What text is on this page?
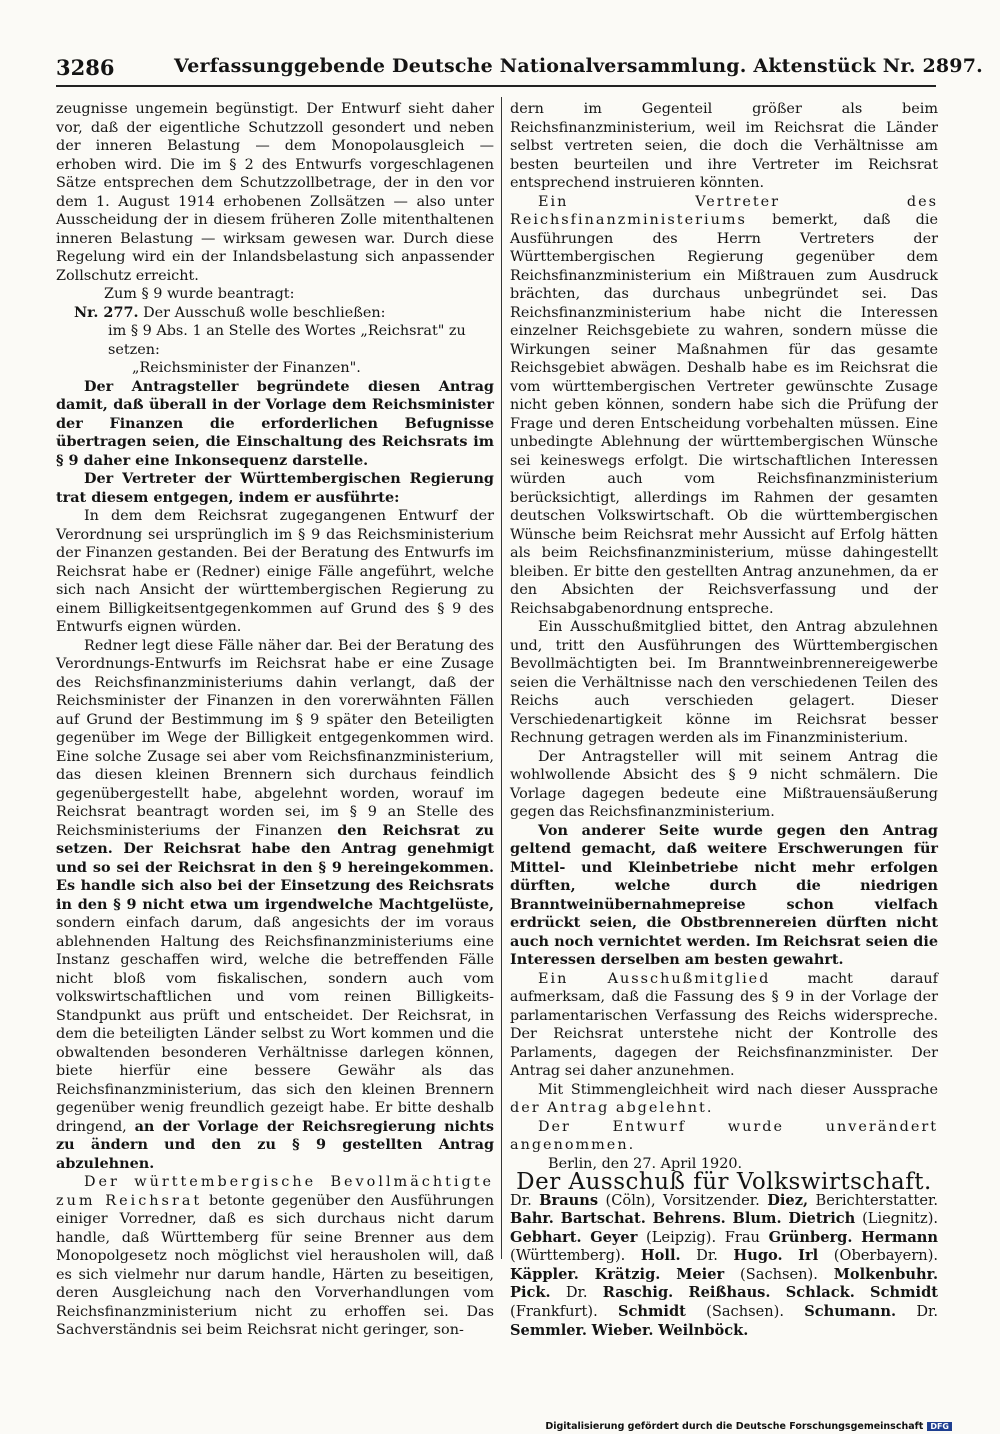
3286	Verfassunggebende Deutsche Nationalversammlung. Aktenstück Nr. 2897.

zeugnisse ungemein begünstigt. Der Entwurf sieht daher vor, daß der eigentliche Schutzzoll gesondert und neben der inneren Belastung — dem Monopolausgleich — erhoben wird. Die im § 2 des Entwurfs vorgeschlagenen Sätze entsprechen dem Schutzzollbetrage, der in den vor dem 1. August 1914 erhobenen Zollsätzen — also unter Ausscheidung der in diesem früheren Zolle mitenthaltenen inneren Belastung — wirksam gewesen war. Durch diese Regelung wird ein der Inlandsbelastung sich anpassender Zollschutz erreicht.

Zum § 9 wurde beantragt:

Nr. 277. Der Ausschuß wolle beschließen:

im § 9 Abs. 1 an Stelle des Wortes „Reichsrat" zu setzen:

„Reichsminister der Finanzen".

Der Antragsteller begründete diesen Antrag damit, daß überall in der Vorlage dem Reichsminister der Finanzen die erforderlichen Befugnisse übertragen seien, die Einschaltung des Reichsrats im § 9 daher eine Inkonsequenz darstelle.

Der Vertreter der Württembergischen Regierung trat diesem entgegen, indem er ausführte:

In dem dem Reichsrat zugegangenen Entwurf der Verordnung sei ursprünglich im § 9 das Reichsministerium der Finanzen gestanden. Bei der Beratung des Entwurfs im Reichsrat habe er (Redner) einige Fälle angeführt, welche sich nach Ansicht der württembergischen Regierung zu einem Billigkeitsentgegenkommen auf Grund des § 9 des Entwurfs eignen würden.

Redner legt diese Fälle näher dar. Bei der Beratung des Verordnungs-Entwurfs im Reichsrat habe er eine Zusage des Reichsfinanzministeriums dahin verlangt, daß der Reichsminister der Finanzen in den vorerwähnten Fällen auf Grund der Bestimmung im § 9 später den Beteiligten gegenüber im Wege der Billigkeit entgegenkommen wird. Eine solche Zusage sei aber vom Reichsfinanzministerium, das diesen kleinen Brennern sich durchaus feindlich gegenübergestellt habe, abgelehnt worden, worauf im Reichsrat beantragt worden sei, im § 9 an Stelle des Reichsministeriums der Finanzen den Reichsrat zu setzen. Der Reichsrat habe den Antrag genehmigt und so sei der Reichsrat in den § 9 hereingekommen. Es handle sich also bei der Einsetzung des Reichsrats in den § 9 nicht etwa um irgendwelche Machtgelüste, sondern einfach darum, daß angesichts der im voraus ablehnenden Haltung des Reichsfinanzministeriums eine Instanz geschaffen wird, welche die betreffenden Fälle nicht bloß vom fiskalischen, sondern auch vom volkswirtschaftlichen und vom reinen Billigkeits-Standpunkt aus prüft und entscheidet. Der Reichsrat, in dem die beteiligten Länder selbst zu Wort kommen und die obwaltenden besonderen Verhältnisse darlegen können, biete hierfür eine bessere Gewähr als das Reichsfinanzministerium, das sich den kleinen Brennern gegenüber wenig freundlich gezeigt habe. Er bitte deshalb dringend, an der Vorlage der Reichsregierung nichts zu ändern und den zu § 9 gestellten Antrag abzulehnen.

Der württembergische Bevollmächtigte zum Reichsrat betonte gegenüber den Ausführungen einiger Vorredner, daß es sich durchaus nicht darum handle, daß Württemberg für seine Brenner aus dem Monopolgesetz noch möglichst viel herausholen will, daß es sich vielmehr nur darum handle, Härten zu beseitigen, deren Ausgleichung nach den Vorverhandlungen vom Reichsfinanzministerium nicht zu erhoffen sei. Das Sachverständnis sei beim Reichsrat nicht geringer, son-

dern im Gegenteil größer als beim Reichsfinanzministerium, weil im Reichsrat die Länder selbst vertreten seien, die doch die Verhältnisse am besten beurteilen und ihre Vertreter im Reichsrat entsprechend instruieren könnten.

Ein Vertreter des Reichsfinanzministeriums bemerkt, daß die Ausführungen des Herrn Vertreters der Württembergischen Regierung gegenüber dem Reichsfinanzministerium ein Mißtrauen zum Ausdruck brächten, das durchaus unbegründet sei. Das Reichsfinanzministerium habe nicht die Interessen einzelner Reichsgebiete zu wahren, sondern müsse die Wirkungen seiner Maßnahmen für das gesamte Reichsgebiet abwägen. Deshalb habe es im Reichsrat die vom württembergischen Vertreter gewünschte Zusage nicht geben können, sondern habe sich die Prüfung der Frage und deren Entscheidung vorbehalten müssen. Eine unbedingte Ablehnung der württembergischen Wünsche sei keineswegs erfolgt. Die wirtschaftlichen Interessen würden auch vom Reichsfinanzministerium berücksichtigt, allerdings im Rahmen der gesamten deutschen Volkswirtschaft. Ob die württembergischen Wünsche beim Reichsrat mehr Aussicht auf Erfolg hätten als beim Reichsfinanzministerium, müsse dahingestellt bleiben. Er bitte den gestellten Antrag anzunehmen, da er den Absichten der Reichsverfassung und der Reichsabgabenordnung entspreche.

Ein Ausschußmitglied bittet, den Antrag abzulehnen und, tritt den Ausführungen des Württembergischen Bevollmächtigten bei. Im Branntweinbrennereigewerbe seien die Verhältnisse nach den verschiedenen Teilen des Reichs auch verschieden gelagert. Dieser Verschiedenartigkeit könne im Reichsrat besser Rechnung getragen werden als im Finanzministerium.

Der Antragsteller will mit seinem Antrag die wohlwollende Absicht des § 9 nicht schmälern. Die Vorlage dagegen bedeute eine Mißtrauensäußerung gegen das Reichsfinanzministerium.

Von anderer Seite wurde gegen den Antrag geltend gemacht, daß weitere Erschwerungen für Mittel- und Kleinbetriebe nicht mehr erfolgen dürften, welche durch die niedrigen Branntweinübernahmepreise schon vielfach erdrückt seien, die Obstbrennereien dürften nicht auch noch vernichtet werden. Im Reichsrat seien die Interessen derselben am besten gewahrt.

Ein Ausschußmitglied	macht darauf aufmerksam, daß die Fassung des § 9 in der Vorlage der parlamentarischen Verfassung des Reichs widerspreche. Der Reichsrat unterstehe nicht der Kontrolle des Parlaments, dagegen der Reichsfinanzminister. Der Antrag sei daher anzunehmen.

Mit Stimmengleichheit wird nach dieser Aussprache der Antrag abgelehnt.

Der Entwurf wurde unverändert angenommen.

Berlin, den 27. April 1920.

Der Ausschuß für Volkswirtschaft.

Dr. Brauns (Cöln), Vorsitzender. Diez, Berichterstatter. Bahr. Bartschat. Behrens. Blum. Dietrich (Liegnitz). Gebhart. Geyer (Leipzig). Frau Grünberg. Hermann (Württemberg). Holl. Dr. Hugo. Irl (Oberbayern). Käppler. Krätzig. Meier (Sachsen). Molkenbuhr. Pick. Dr. Raschig. Reißhaus. Schlack. Schmidt (Frankfurt). Schmidt (Sachsen). Schumann. Dr. Semmler. Wieber. Weilnböck.

Digitalisierung gefördert durch die Deutsche Forschungsgemeinschaft DFG
